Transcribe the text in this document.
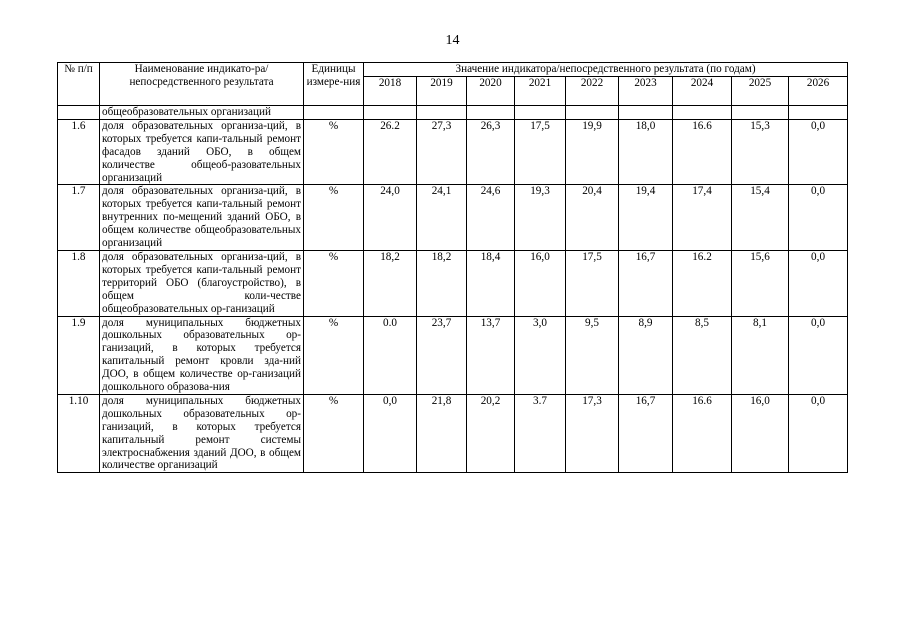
14
№ п/п	Наименование индикато-ра/непосредственного результата	Единицы измере-ния	Значение индикатора/непосредственного результата (по годам)								
			2018	2019	2020	2021	2022	2023	2024	2025	2026
	общеобразовательных организаций										
1.6	доля образовательных организа-ций, в которых требуется капи-тальный ремонт фасадов зданий ОБО, в общем количестве общеоб-разовательных организаций	%	26.2	27,3	26,3	17,5	19,9	18,0	16.6	15,3	0,0
1.7	доля образовательных организа-ций, в которых требуется капи-тальный ремонт внутренних по-мещений зданий ОБО, в общем количестве общеобразовательных организаций	%	24,0	24,1	24,6	19,3	20,4	19,4	17,4	15,4	0,0
1.8	доля образовательных организа-ций, в которых требуется капи-тальный ремонт территорий ОБО (благоустройство), в общем коли-честве общеобразовательных ор-ганизаций	%	18,2	18,2	18,4	16,0	17,5	16,7	16.2	15,6	0,0
1.9	доля муниципальных бюджетных дошкольных образовательных ор-ганизаций, в которых требуется капитальный ремонт кровли зда-ний ДОО, в общем количестве ор-ганизаций дошкольного образова-ния	%	0.0	23,7	13,7	3,0	9,5	8,9	8,5	8,1	0,0
1.10	доля муниципальных бюджетных дошкольных образовательных ор-ганизаций, в которых требуется капитальный ремонт системы электроснабжения зданий ДОО, в общем количестве организаций	%	0,0	21,8	20,2	3.7	17,3	16,7	16.6	16,0	0,0
